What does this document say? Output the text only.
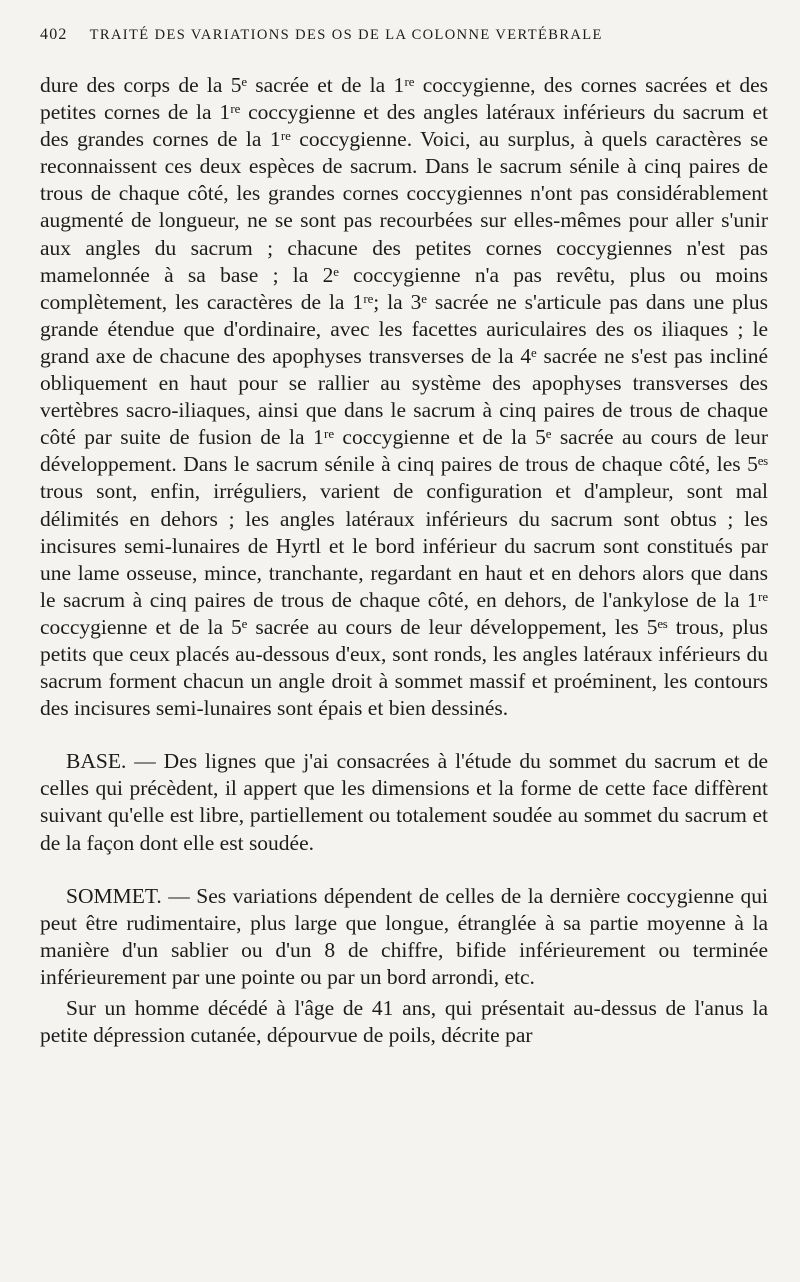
402 TRAITÉ DES VARIATIONS DES OS DE LA COLONNE VERTÉBRALE

dure des corps de la 5ᵉ sacrée et de la 1ʳᵉ coccygienne, des cornes sacrées et des petites cornes de la 1ʳᵉ coccygienne et des angles latéraux inférieurs du sacrum et des grandes cornes de la 1ʳᵉ coccygienne. Voici, au surplus, à quels caractères se reconnaissent ces deux espèces de sacrum. Dans le sacrum sénile à cinq paires de trous de chaque côté, les grandes cornes coccygiennes n'ont pas considérablement augmenté de longueur, ne se sont pas recourbées sur elles-mêmes pour aller s'unir aux angles du sacrum ; chacune des petites cornes coccygiennes n'est pas mamelonnée à sa base ; la 2ᵉ coccygienne n'a pas revêtu, plus ou moins complètement, les caractères de la 1ʳᵉ; la 3ᵉ sacrée ne s'articule pas dans une plus grande étendue que d'ordinaire, avec les facettes auriculaires des os iliaques ; le grand axe de chacune des apophyses transverses de la 4ᵉ sacrée ne s'est pas incliné obliquement en haut pour se rallier au système des apophyses transverses des vertèbres sacro-iliaques, ainsi que dans le sacrum à cinq paires de trous de chaque côté par suite de fusion de la 1ʳᵉ coccygienne et de la 5ᵉ sacrée au cours de leur développement. Dans le sacrum sénile à cinq paires de trous de chaque côté, les 5ᵉˢ trous sont, enfin, irréguliers, varient de configuration et d'ampleur, sont mal délimités en dehors ; les angles latéraux inférieurs du sacrum sont obtus ; les incisures semi-lunaires de Hyrtl et le bord inférieur du sacrum sont constitués par une lame osseuse, mince, tranchante, regardant en haut et en dehors alors que dans le sacrum à cinq paires de trous de chaque côté, en dehors, de l'ankylose de la 1ʳᵉ coccygienne et de la 5ᵉ sacrée au cours de leur développement, les 5ᵉˢ trous, plus petits que ceux placés au-dessous d'eux, sont ronds, les angles latéraux inférieurs du sacrum forment chacun un angle droit à sommet massif et proéminent, les contours des incisures semi-lunaires sont épais et bien dessinés.

BASE. — Des lignes que j'ai consacrées à l'étude du sommet du sacrum et de celles qui précèdent, il appert que les dimensions et la forme de cette face diffèrent suivant qu'elle est libre, partiellement ou totalement soudée au sommet du sacrum et de la façon dont elle est soudée.

SOMMET. — Ses variations dépendent de celles de la dernière coccygienne qui peut être rudimentaire, plus large que longue, étranglée à sa partie moyenne à la manière d'un sablier ou d'un 8 de chiffre, bifide inférieurement ou terminée inférieurement par une pointe ou par un bord arrondi, etc.

Sur un homme décédé à l'âge de 41 ans, qui présentait au-dessus de l'anus la petite dépression cutanée, dépourvue de poils, décrite par
